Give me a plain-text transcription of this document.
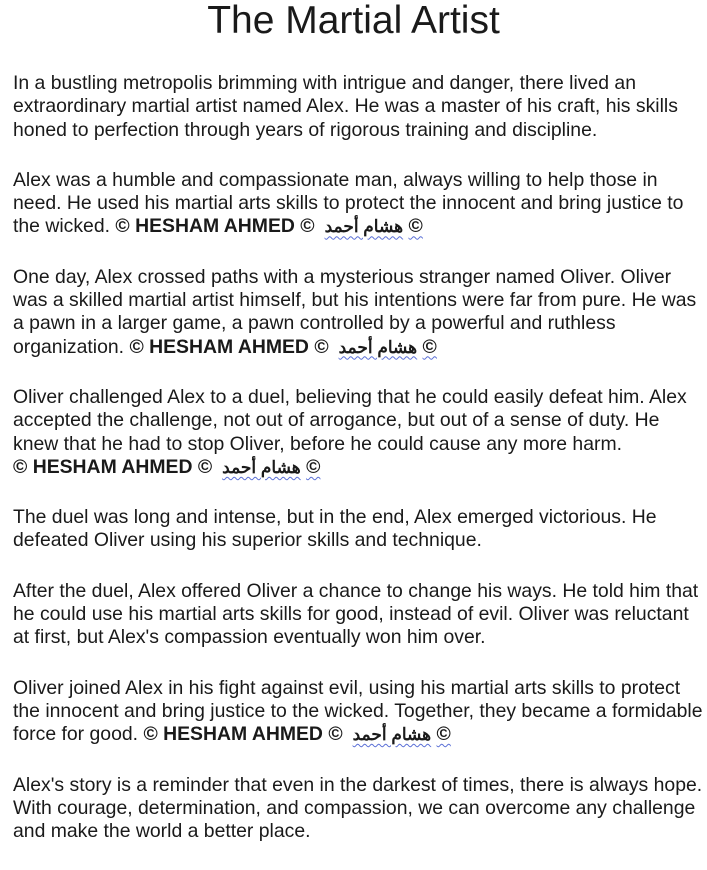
The Martial Artist

In a bustling metropolis brimming with intrigue and danger, there lived an extraordinary martial artist named Alex. He was a master of his craft, his skills honed to perfection through years of rigorous training and discipline.

Alex was a humble and compassionate man, always willing to help those in need. He used his martial arts skills to protect the innocent and bring justice to the wicked. © HESHAM AHMED © هشام أحمد ©

One day, Alex crossed paths with a mysterious stranger named Oliver. Oliver was a skilled martial artist himself, but his intentions were far from pure. He was a pawn in a larger game, a pawn controlled by a powerful and ruthless organization. © HESHAM AHMED © هشام أحمد ©

Oliver challenged Alex to a duel, believing that he could easily defeat him. Alex accepted the challenge, not out of arrogance, but out of a sense of duty. He knew that he had to stop Oliver, before he could cause any more harm. © HESHAM AHMED © هشام أحمد ©

The duel was long and intense, but in the end, Alex emerged victorious. He defeated Oliver using his superior skills and technique.

After the duel, Alex offered Oliver a chance to change his ways. He told him that he could use his martial arts skills for good, instead of evil. Oliver was reluctant at first, but Alex's compassion eventually won him over.

Oliver joined Alex in his fight against evil, using his martial arts skills to protect the innocent and bring justice to the wicked. Together, they became a formidable force for good. © HESHAM AHMED © هشام أحمد ©

Alex's story is a reminder that even in the darkest of times, there is always hope. With courage, determination, and compassion, we can overcome any challenge and make the world a better place.
